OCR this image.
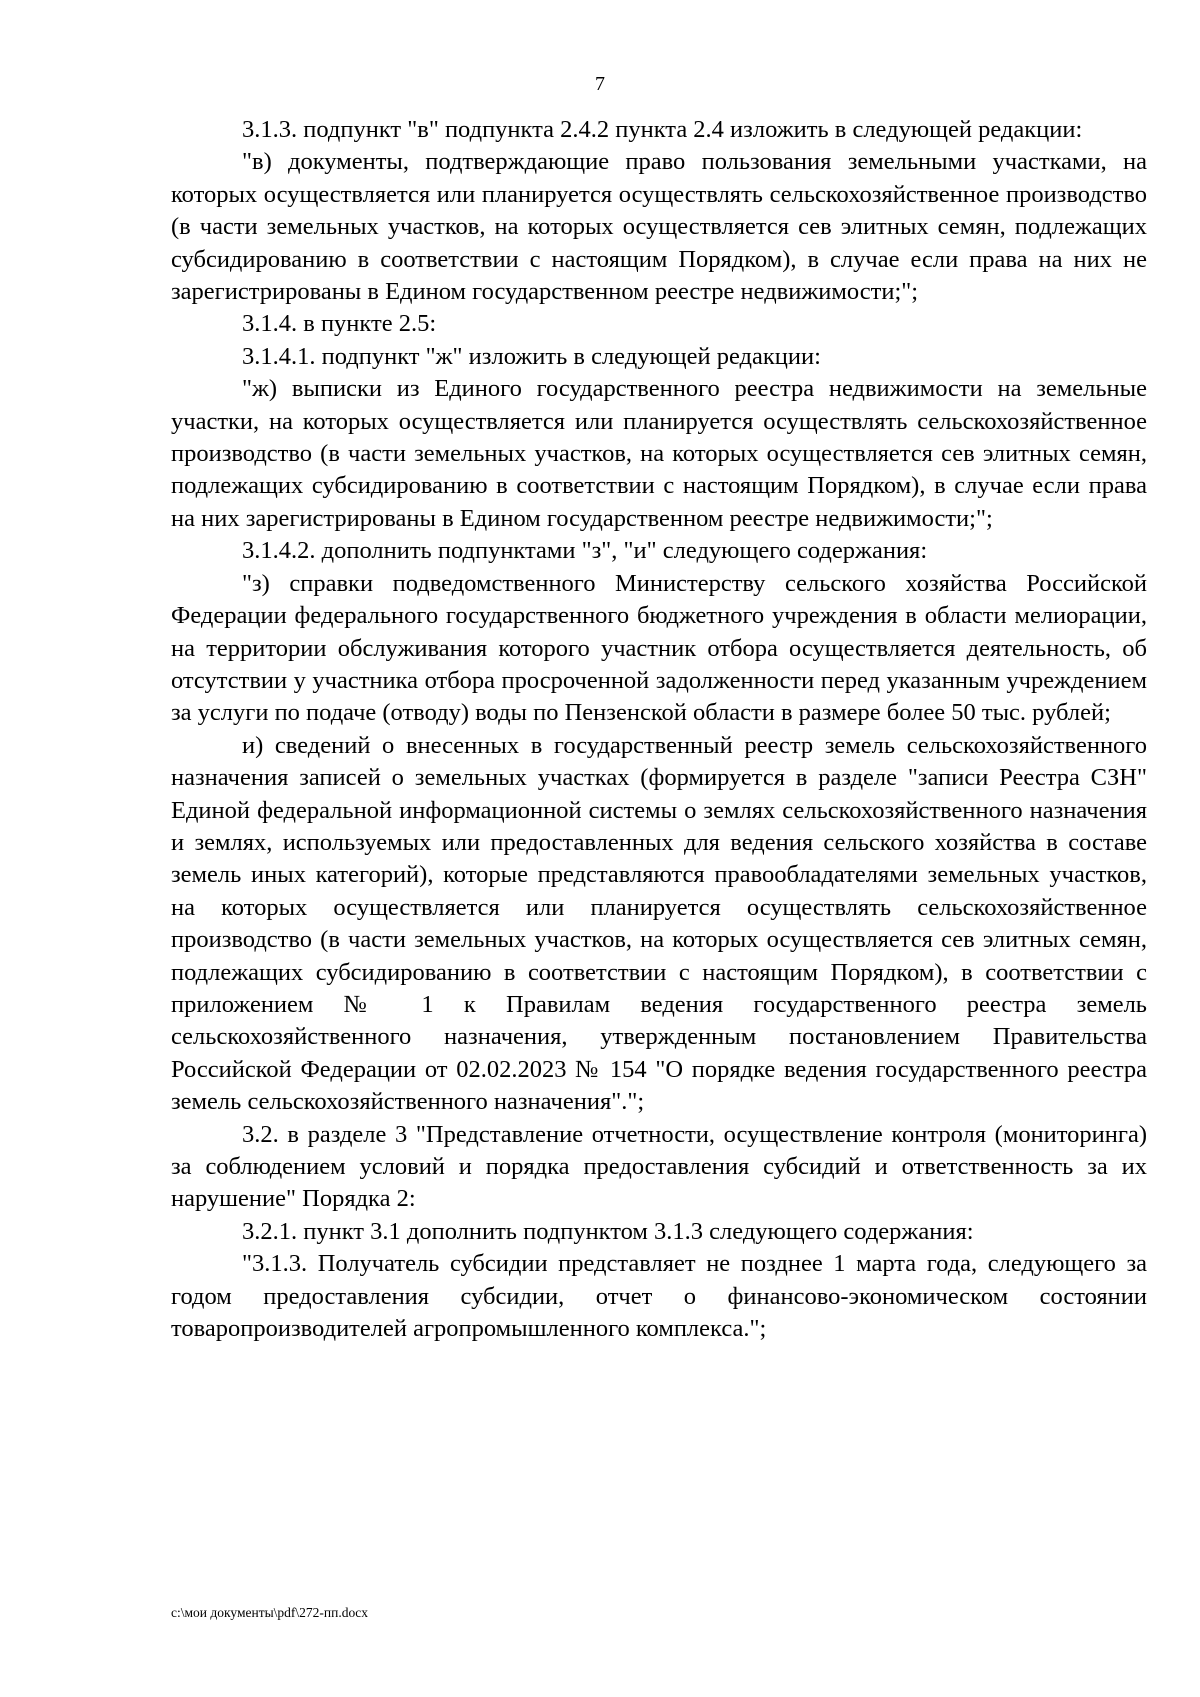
7

3.1.3. подпункт "в" подпункта 2.4.2 пункта 2.4 изложить в следующей редакции:

"в) документы, подтверждающие право пользования земельными участками, на которых осуществляется или планируется осуществлять сельскохозяйственное производство (в части земельных участков, на которых осуществляется сев элитных семян, подлежащих субсидированию в соответствии с настоящим Порядком), в случае если права на них не зарегистрированы в Едином государственном реестре недвижимости;";

3.1.4. в пункте 2.5:

3.1.4.1. подпункт "ж" изложить в следующей редакции:

"ж) выписки из Единого государственного реестра недвижимости на земельные участки, на которых осуществляется или планируется осуществлять сельскохозяйственное производство (в части земельных участков, на которых осуществляется сев элитных семян, подлежащих субсидированию в соответствии с настоящим Порядком), в случае если права на них зарегистрированы в Едином государственном реестре недвижимости;";

3.1.4.2. дополнить подпунктами "з", "и" следующего содержания:

"з) справки подведомственного Министерству сельского хозяйства Российской Федерации федерального государственного бюджетного учреждения в области мелиорации, на территории обслуживания которого участник отбора осуществляется деятельность, об отсутствии у участника отбора просроченной задолженности перед указанным учреждением за услуги по подаче (отводу) воды по Пензенской области в размере более 50 тыс. рублей;

и) сведений о внесенных в государственный реестр земель сельскохозяйственного назначения записей о земельных участках (формируется в разделе "записи Реестра СЗН" Единой федеральной информационной системы о землях сельскохозяйственного назначения и землях, используемых или предоставленных для ведения сельского хозяйства в составе земель иных категорий), которые представляются правообладателями земельных участков, на которых осуществляется или планируется осуществлять сельскохозяйственное производство (в части земельных участков, на которых осуществляется сев элитных семян, подлежащих субсидированию в соответствии с настоящим Порядком), в соответствии с приложением № 1 к Правилам ведения государственного реестра земель сельскохозяйственного назначения, утвержденным постановлением Правительства Российской Федерации от 02.02.2023 № 154 "О порядке ведения государственного реестра земель сельскохозяйственного назначения".";

3.2. в разделе 3 "Представление отчетности, осуществление контроля (мониторинга) за соблюдением условий и порядка предоставления субсидий и ответственность за их нарушение" Порядка 2:

3.2.1. пункт 3.1 дополнить подпунктом 3.1.3 следующего содержания:

"3.1.3. Получатель субсидии представляет не позднее 1 марта года, следующего за годом предоставления субсидии, отчет о финансово-экономическом состоянии товаропроизводителей агропромышленного комплекса.";

c:\мои документы\pdf\272-пп.docx
